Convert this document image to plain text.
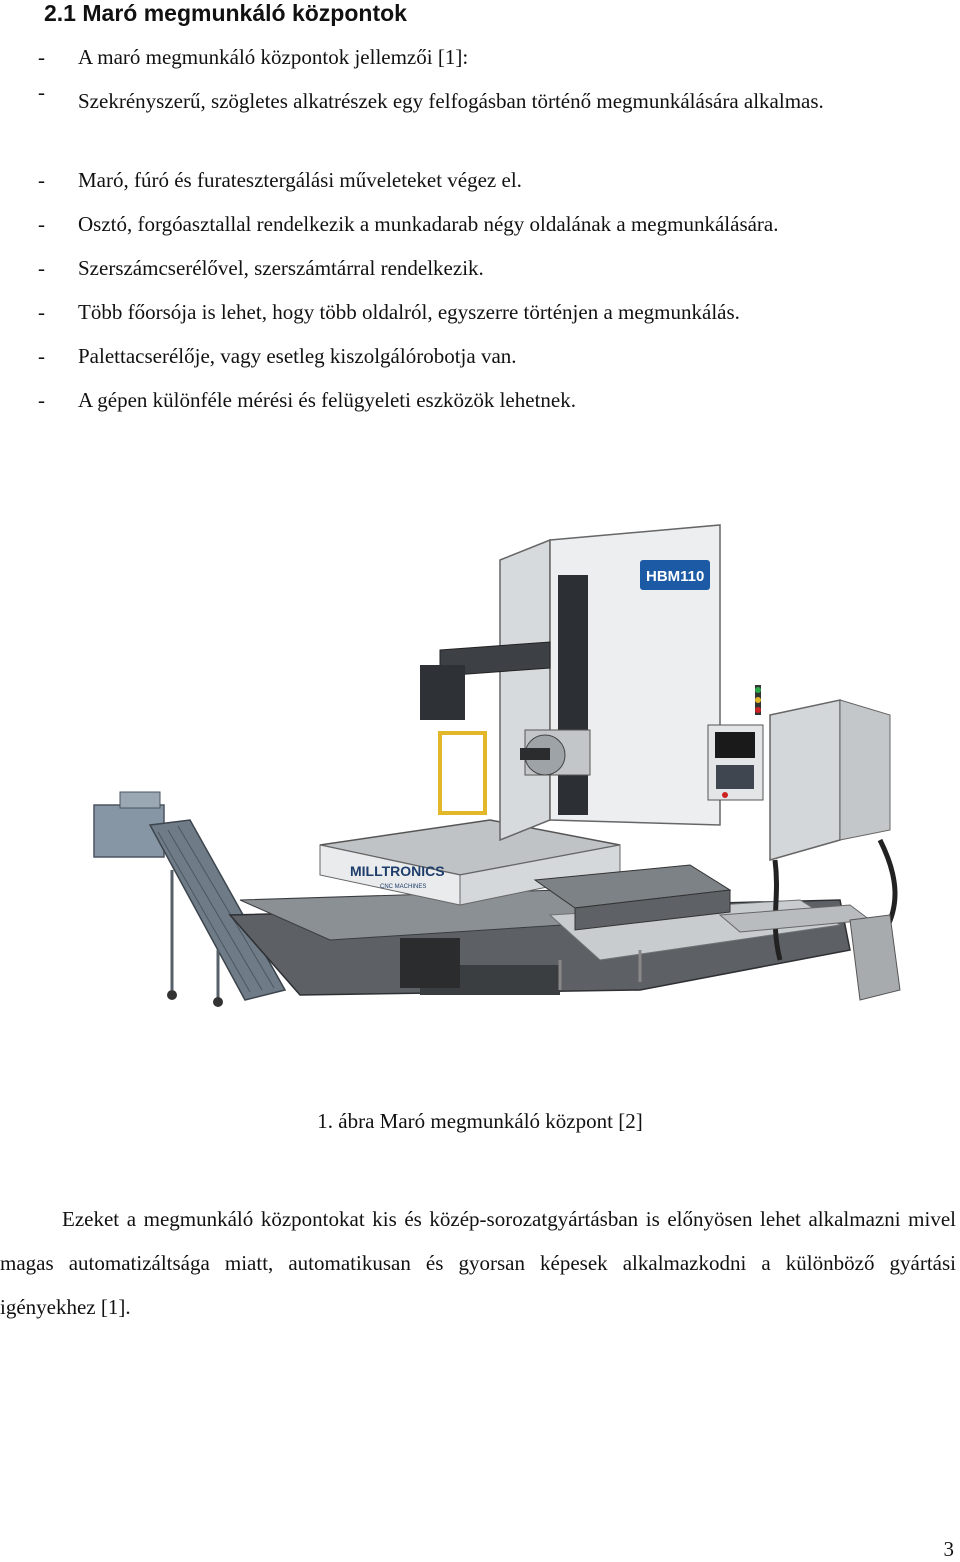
2.1 Maró megmunkáló központok
- A maró megmunkáló központok jellemzői [1]:
- Szekrényszerű, szögletes alkatrészek egy felfogásban történő megmunkálására alkalmas.
- Maró, fúró és furatesztergálási műveleteket végez el.
- Osztó, forgóasztallal rendelkezik a munkadarab négy oldalának a megmunkálására.
- Szerszámcserélővel, szerszámtárral rendelkezik.
- Több főorsója is lehet, hogy több oldalról, egyszerre történjen a megmunkálás.
- Palettacserélője, vagy esetleg kiszolgálórobotja van.
- A gépen különféle mérési és felügyeleti eszközök lehetnek.
MILLTRONICS
CNC MACHINES
HBM110
1. ábra Maró megmunkáló központ [2]

Ezeket a megmunkáló központokat kis és közép-sorozatgyártásban is előnyösen lehet alkalmazni mivel magas automatizáltsága miatt, automatikusan és gyorsan képesek alkalmazkodni a különböző gyártási igényekhez [1].

3
